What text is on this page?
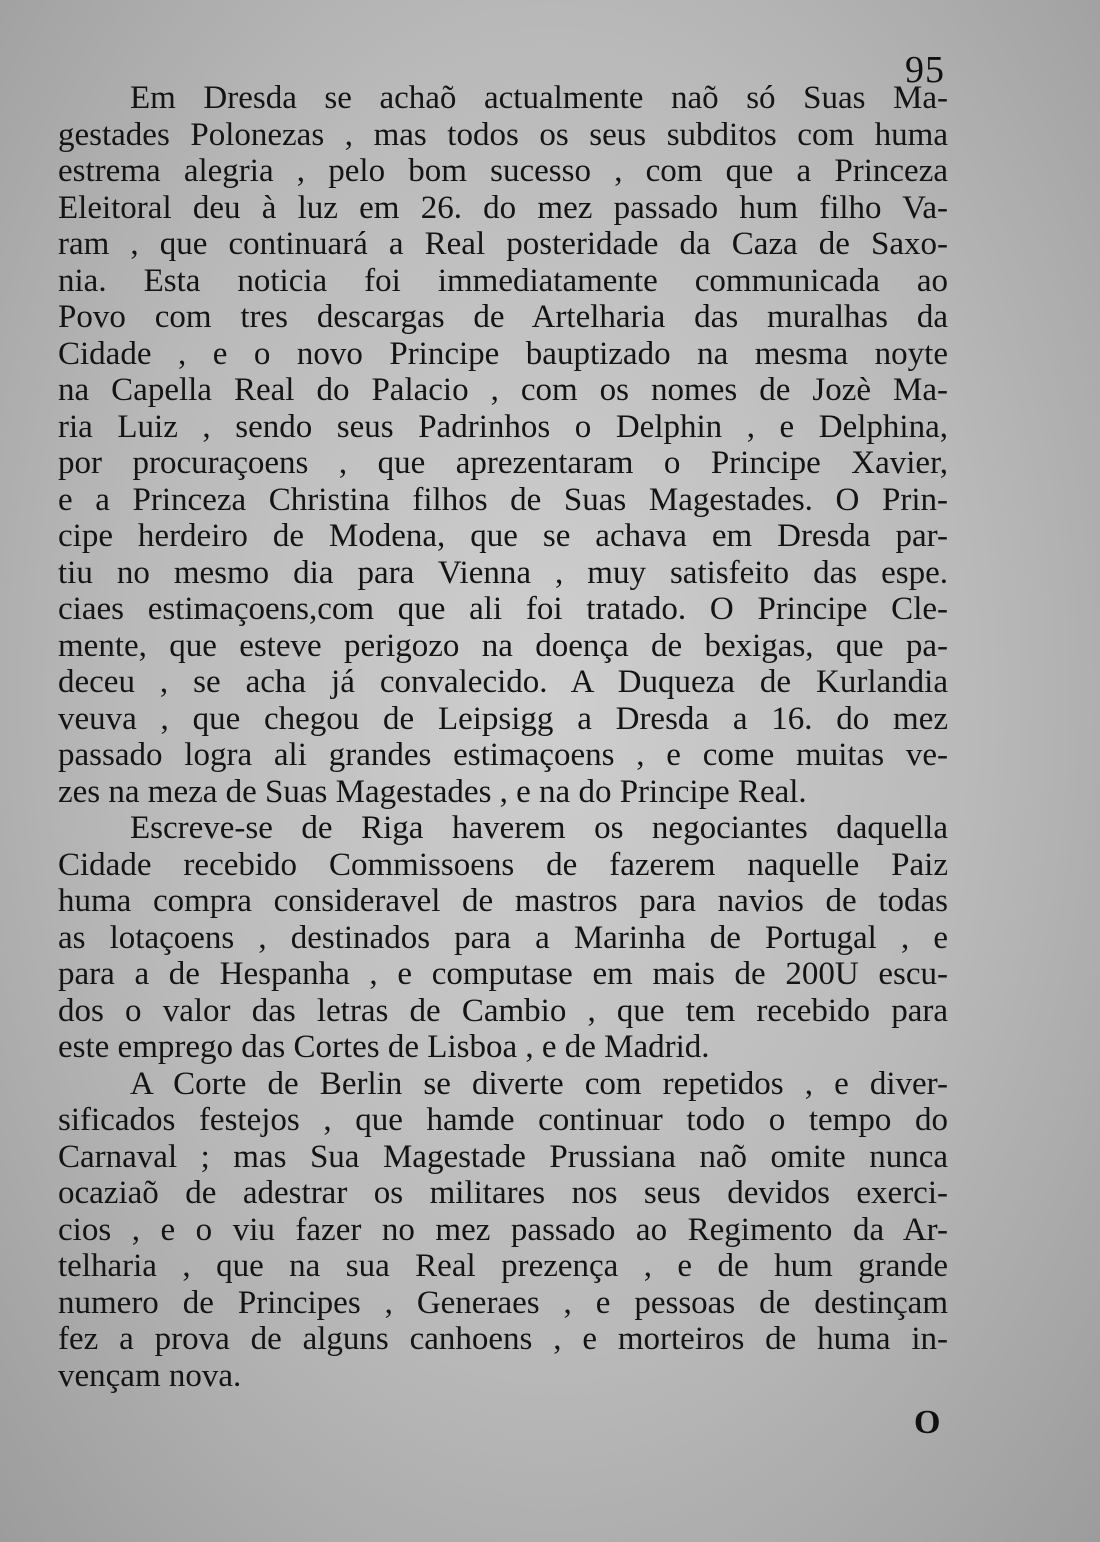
95
Em Dresda se achaõ actualmente naõ só Suas Ma-
gestades Polonezas , mas todos os seus subditos com huma
estrema alegria , pelo bom sucesso , com que a Princeza
Eleitoral deu à luz em 26. do mez passado hum filho Va-
ram , que continuará a Real posteridade da Caza de Saxo-
nia. Esta noticia foi immediatamente communicada ao
Povo com tres descargas de Artelharia das muralhas da
Cidade , e o novo Principe bauptizado na mesma noyte
na Capella Real do Palacio , com os nomes de Jozè Ma-
ria Luiz , sendo seus Padrinhos o Delphin , e Delphina,
por procuraçoens , que aprezentaram o Principe Xavier,
e a Princeza Christina filhos de Suas Magestades. O Prin-
cipe herdeiro de Modena, que se achava em Dresda par-
tiu no mesmo dia para Vienna , muy satisfeito das espe.
ciaes estimaçoens,com que ali foi tratado. O Principe Cle-
mente, que esteve perigozo na doença de bexigas, que pa-
deceu , se acha já convalecido. A Duqueza de Kurlandia
veuva , que chegou de Leipsigg a Dresda a 16. do mez
passado logra ali grandes estimaçoens , e come muitas ve-
zes na meza de Suas Magestades , e na do Principe Real.
Escreve-se de Riga haverem os negociantes daquella
Cidade recebido Commissoens de fazerem naquelle Paiz
huma compra consideravel de mastros para navios de todas
as lotaçoens , destinados para a Marinha de Portugal , e
para a de Hespanha , e computase em mais de 200U escu-
dos o valor das letras de Cambio , que tem recebido para
este emprego das Cortes de Lisboa , e de Madrid.
A Corte de Berlin se diverte com repetidos , e diver-
sificados festejos , que hamde continuar todo o tempo do
Carnaval ; mas Sua Magestade Prussiana naõ omite nunca
ocaziaõ de adestrar os militares nos seus devidos exerci-
cios , e o viu fazer no mez passado ao Regimento da Ar-
telharia , que na sua Real prezença , e de hum grande
numero de Principes , Generaes , e pessoas de destinçam
fez a prova de alguns canhoens , e morteiros de huma in-
vençam nova.
O
